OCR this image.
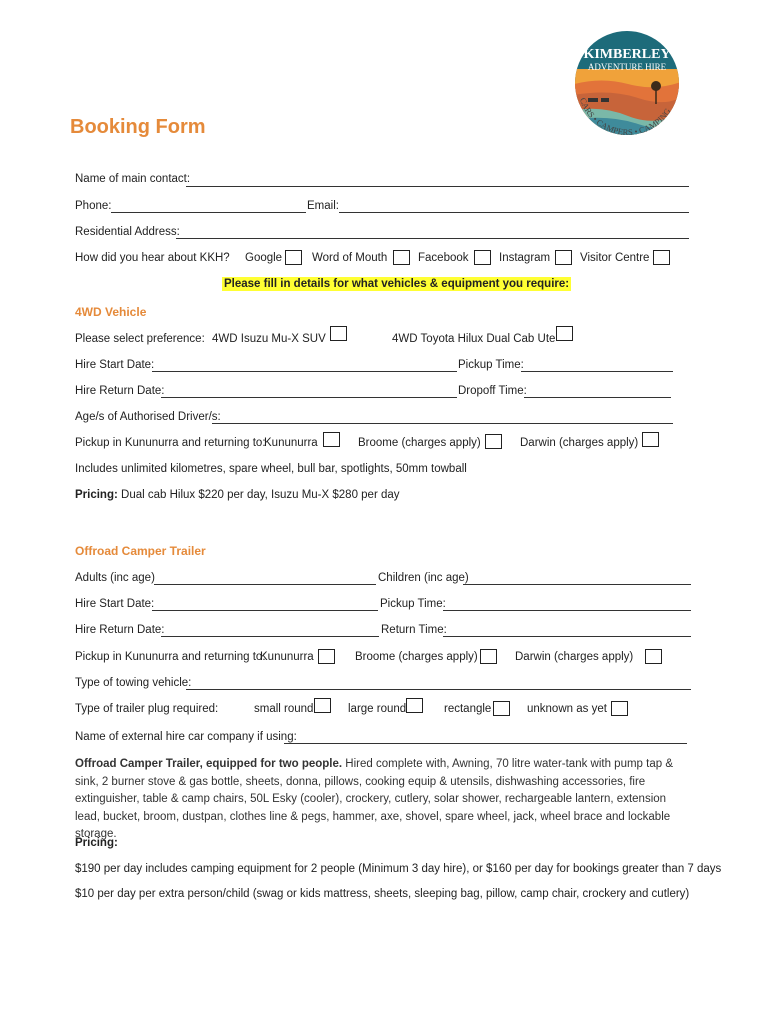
KIMBERLEY
ADVENTURE HIRE
CARS • CAMPERS • CAMPING
Booking Form
Name of main contact:
Phone:	Email:
Residential Address:
How did you hear about KKH? Google	Word of Mouth	Facebook	Instagram	Visitor Centre
Please fill in details for what vehicles & equipment you require:
4WD Vehicle
Please select preference: 4WD Isuzu Mu-X SUV	4WD Toyota Hilux Dual Cab Ute
Hire Start Date:	Pickup Time:
Hire Return Date:	Dropoff Time:
Age/s of Authorised Driver/s:
Pickup in Kununurra and returning to:
Kununurra	Broome (charges apply)	Darwin (charges apply)
Includes unlimited kilometres, spare wheel, bull bar, spotlights, 50mm towball
Pricing: Dual cab Hilux $220 per day, Isuzu Mu-X $280 per day
Offroad Camper Trailer
Adults (inc age)	Children (inc age)
Hire Start Date:	Pickup Time:
Hire Return Date:	Return Time:
Pickup in Kununurra and returning to:
Kununurra	Broome (charges apply)	Darwin (charges apply)
Type of towing vehicle:
Type of trailer plug required:	small round	large round	rectangle	unknown as yet
Name of external hire car company if using:
Offroad Camper Trailer, equipped for two people. Hired complete with, Awning, 70 litre water-tank with pump tap & sink, 2 burner stove & gas bottle, sheets, donna, pillows, cooking equip & utensils, dishwashing accessories, fire extinguisher, table & camp chairs, 50L Esky (cooler), crockery, cutlery, solar shower, rechargeable lantern, extension lead, bucket, broom, dustpan, clothes line & pegs, hammer, axe, shovel, spare wheel, jack, wheel brace and lockable storage.
Pricing:
$190 per day includes camping equipment for 2 people (Minimum 3 day hire), or $160 per day for bookings greater than 7 days
$10 per day per extra person/child (swag or kids mattress, sheets, sleeping bag, pillow, camp chair, crockery and cutlery)
